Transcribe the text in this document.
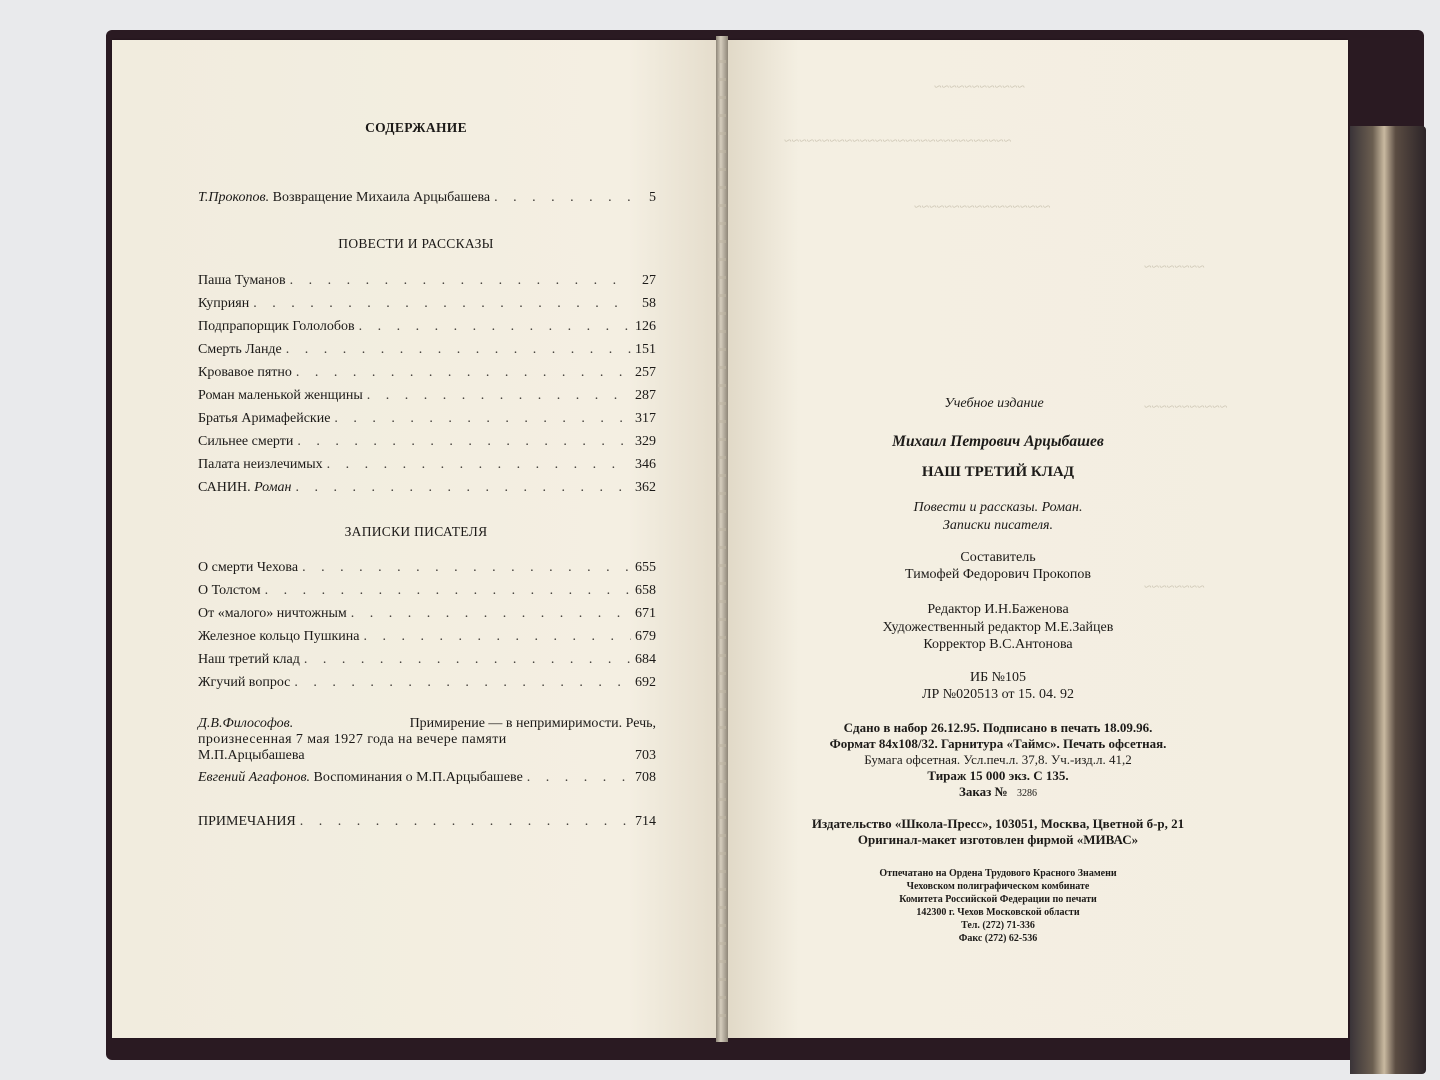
СОДЕРЖАНИЕ
Т.Прокопов. Возвращение Михаила Арцыбашева . . .	5
ПОВЕСТИ И РАССКАЗЫ
Паша Туманов . . .	27
Куприян . . .	58
Подпрапорщик Гололобов . . .	126
Смерть Ланде . . .	151
Кровавое пятно . . .	257
Роман маленькой женщины . . .	287
Братья Аримафейские . . .	317
Сильнее смерти . . .	329
Палата неизлечимых . . .	346
САНИН. Роман . . .	362
ЗАПИСКИ ПИСАТЕЛЯ
О смерти Чехова . . .	655
О Толстом . . .	658
От «малого» ничтожным . . .	671
Железное кольцо Пушкина . . .	679
Наш третий клад . . .	684
Жгучий вопрос . . .	692
Д.В.Философов.	Примирение — в непримиримости. Речь,
произнесенная 7 мая 1927 года на вечере памяти
М.П.Арцыбашева	703
Евгений Агафонов. Воспоминания о М.П.Арцыбашеве . . .	708
ПРИМЕЧАНИЯ . . .	714
~~~~~~~~~~~~
~~~~~~~~~~~~~~~~~~~~~~~~~~~~~~
~~~~~~~~~~~~~~~~~~
~~~~~~~~
~~~~~~~~~~~
~~~~~~~~
Учебное издание
Михаил Петрович Арцыбашев
НАШ ТРЕТИЙ КЛАД
Повести и рассказы. Роман.
Записки писателя.
Составитель
Тимофей Федорович Прокопов
Редактор И.Н.Баженова
Художественный редактор М.Е.Зайцев
Корректор В.С.Антонова
ИБ №105
ЛР №020513 от 15. 04. 92
Сдано в набор 26.12.95. Подписано в печать 18.09.96.
Формат 84х108/32. Гарнитура «Таймс». Печать офсетная.
Бумага офсетная. Усл.печ.л. 37,8. Уч.-изд.л. 41,2
Тираж 15 000 экз. С 135.
Заказ № 3286
Издательство «Школа-Пресс», 103051, Москва, Цветной б-р, 21
Оригинал-макет изготовлен фирмой «МИВАС»
Отпечатано на Ордена Трудового Красного Знамени
Чеховском полиграфическом комбинате
Комитета Российской Федерации по печати
142300 г. Чехов Московской области
Тел. (272) 71-336
Факс (272) 62-536
